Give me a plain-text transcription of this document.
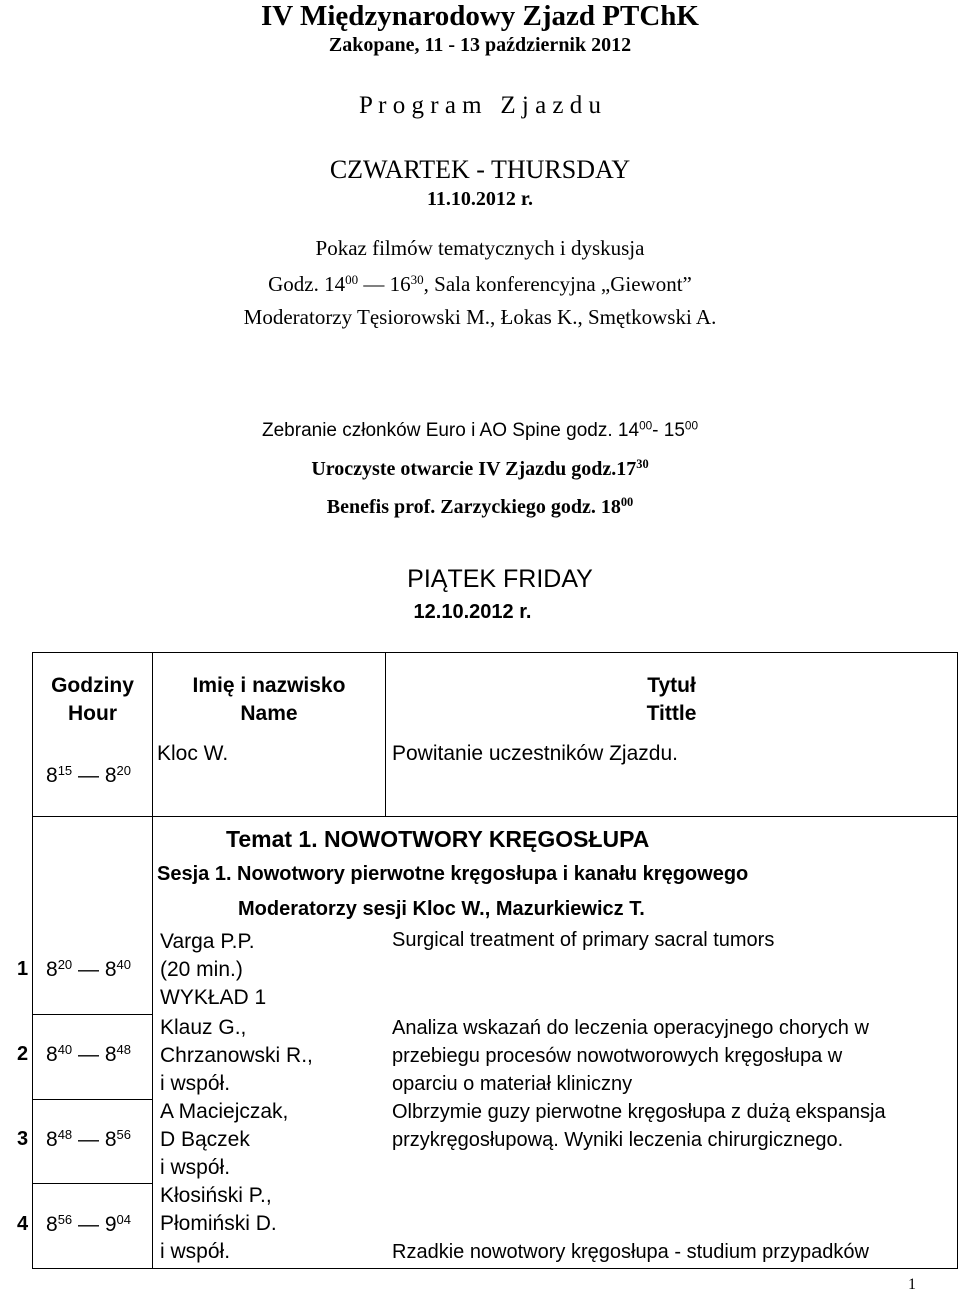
IV Międzynarodowy Zjazd PTChK
Zakopane, 11 - 13 październik 2012
P r o g r a m   Z j a z d u
CZWARTEK - THURSDAY
11.10.2012 r.
Pokaz filmów tematycznych i dyskusja
Godz. $14^{00}$ — $16^{30}$, Sala konferencyjna „Giewont”
Moderatorzy Tęsiorowski M., Łokas K., Smętkowski A.
Zebranie członków Euro i AO Spine godz. $14^{00}-$ $15^{00}$
Uroczyste otwarcie IV Zjazdu $godz.17^{30}$
Benefis prof. Zarzyckiego godz. $18^{00}$
PIĄTEK FRIDAY
12.10.2012 r.
Godziny
Hour
Imię i nazwisko
Name
Tytuł
Tittle
$8^{15}$ — $8^{20}$
Kloc W.	Powitanie uczestników Zjazdu.
Temat 1. NOWOTWORY KRĘGOSŁUPA
Sesja 1. Nowotwory pierwotne kręgosłupa i kanału kręgowego
Moderatorzy sesji Kloc W., Mazurkiewicz T.
1 $8^{20}$ — $8^{40}$
Varga P.P.
(20 min.)
WYKŁAD 1
Surgical treatment of primary sacral tumors
2 $8^{40}$ — $8^{48}$
Klauz G.,
Chrzanowski R.,
i współ.
Analiza wskazań do leczenia operacyjnego chorych w
przebiegu procesów nowotworowych kręgosłupa w
oparciu o materiał kliniczny
3 $8^{48}$ — $8^{56}$
A Maciejczak,
D Bączek
i współ.
Olbrzymie guzy pierwotne kręgosłupa z dużą ekspansja
przykręgosłupową. Wyniki leczenia chirurgicznego.
4 $8^{56}$ — $9^{04}$
Kłosiński P.,
Płomiński D.
i współ.	Rzadkie nowotwory kręgosłupa - studium przypadków
1
